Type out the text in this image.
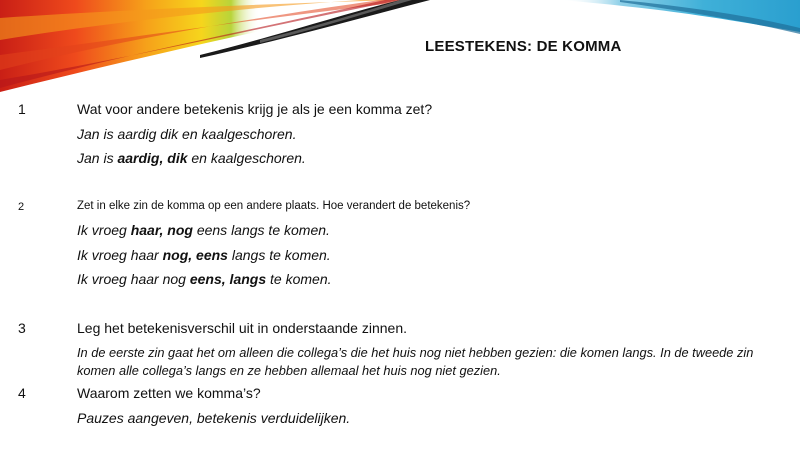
LEESTEKENS: DE KOMMA
1	Wat voor andere betekenis krijg je als je een komma zet?
Jan is aardig dik en kaalgeschoren.
Jan is aardig, dik en kaalgeschoren.
2	Zet in elke zin de komma op een andere plaats. Hoe verandert de betekenis?
Ik vroeg haar, nog eens langs te komen.
Ik vroeg haar nog, eens langs te komen.
Ik vroeg haar nog eens, langs te komen.
3	Leg het betekenisverschil uit in onderstaande zinnen.
In de eerste zin gaat het om alleen die collega’s die het huis nog niet hebben gezien: die komen langs. In de tweede zin komen alle collega’s langs en ze hebben allemaal het huis nog niet gezien.
4	Waarom zetten we komma’s?
Pauzes aangeven, betekenis verduidelijken.
